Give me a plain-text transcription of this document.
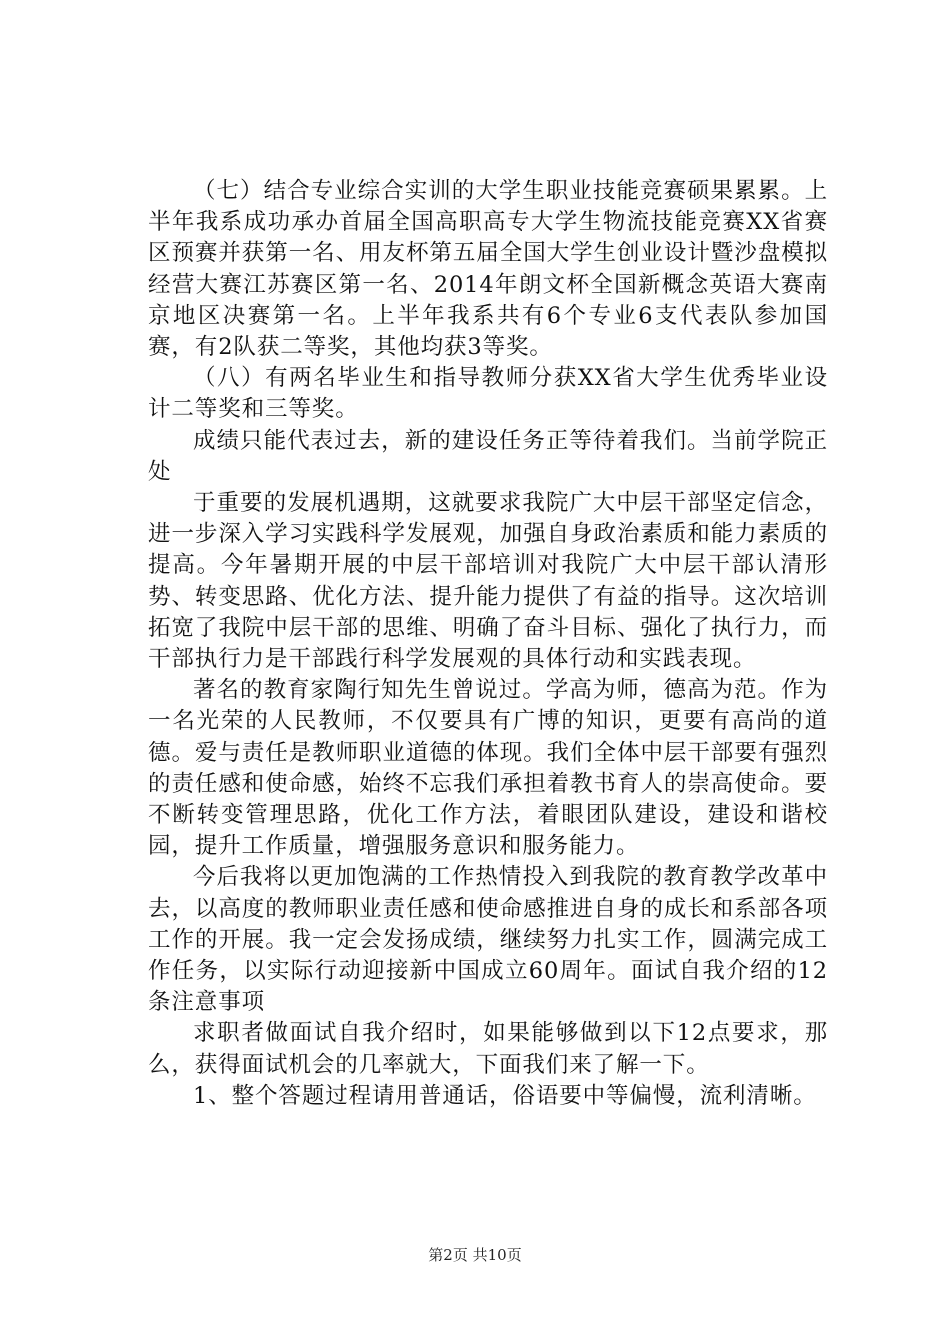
（七）结合专业综合实训的大学生职业技能竞赛硕果累累。上半年我系成功承办首届全国高职高专大学生物流技能竞赛XX省赛区预赛并获第一名、用友杯第五届全国大学生创业设计暨沙盘模拟经营大赛江苏赛区第一名、2014年朗文杯全国新概念英语大赛南京地区决赛第一名。上半年我系共有6个专业6支代表队参加国赛，有2队获二等奖，其他均获3等奖。

（八）有两名毕业生和指导教师分获XX省大学生优秀毕业设计二等奖和三等奖。

成绩只能代表过去，新的建设任务正等待着我们。当前学院正处

于重要的发展机遇期，这就要求我院广大中层干部坚定信念，进一步深入学习实践科学发展观，加强自身政治素质和能力素质的提高。今年暑期开展的中层干部培训对我院广大中层干部认清形势、转变思路、优化方法、提升能力提供了有益的指导。这次培训拓宽了我院中层干部的思维、明确了奋斗目标、强化了执行力，而干部执行力是干部践行科学发展观的具体行动和实践表现。

著名的教育家陶行知先生曾说过。学高为师，德高为范。作为一名光荣的人民教师，不仅要具有广博的知识，更要有高尚的道德。爱与责任是教师职业道德的体现。我们全体中层干部要有强烈的责任感和使命感，始终不忘我们承担着教书育人的崇高使命。要不断转变管理思路，优化工作方法，着眼团队建设，建设和谐校园，提升工作质量，增强服务意识和服务能力。

今后我将以更加饱满的工作热情投入到我院的教育教学改革中去，以高度的教师职业责任感和使命感推进自身的成长和系部各项工作的开展。我一定会发扬成绩，继续努力扎实工作，圆满完成工作任务，以实际行动迎接新中国成立60周年。面试自我介绍的12条注意事项

求职者做面试自我介绍时，如果能够做到以下12点要求，那么，获得面试机会的几率就大，下面我们来了解一下。

1、整个答题过程请用普通话，俗语要中等偏慢，流利清晰。

第2页 共10页
